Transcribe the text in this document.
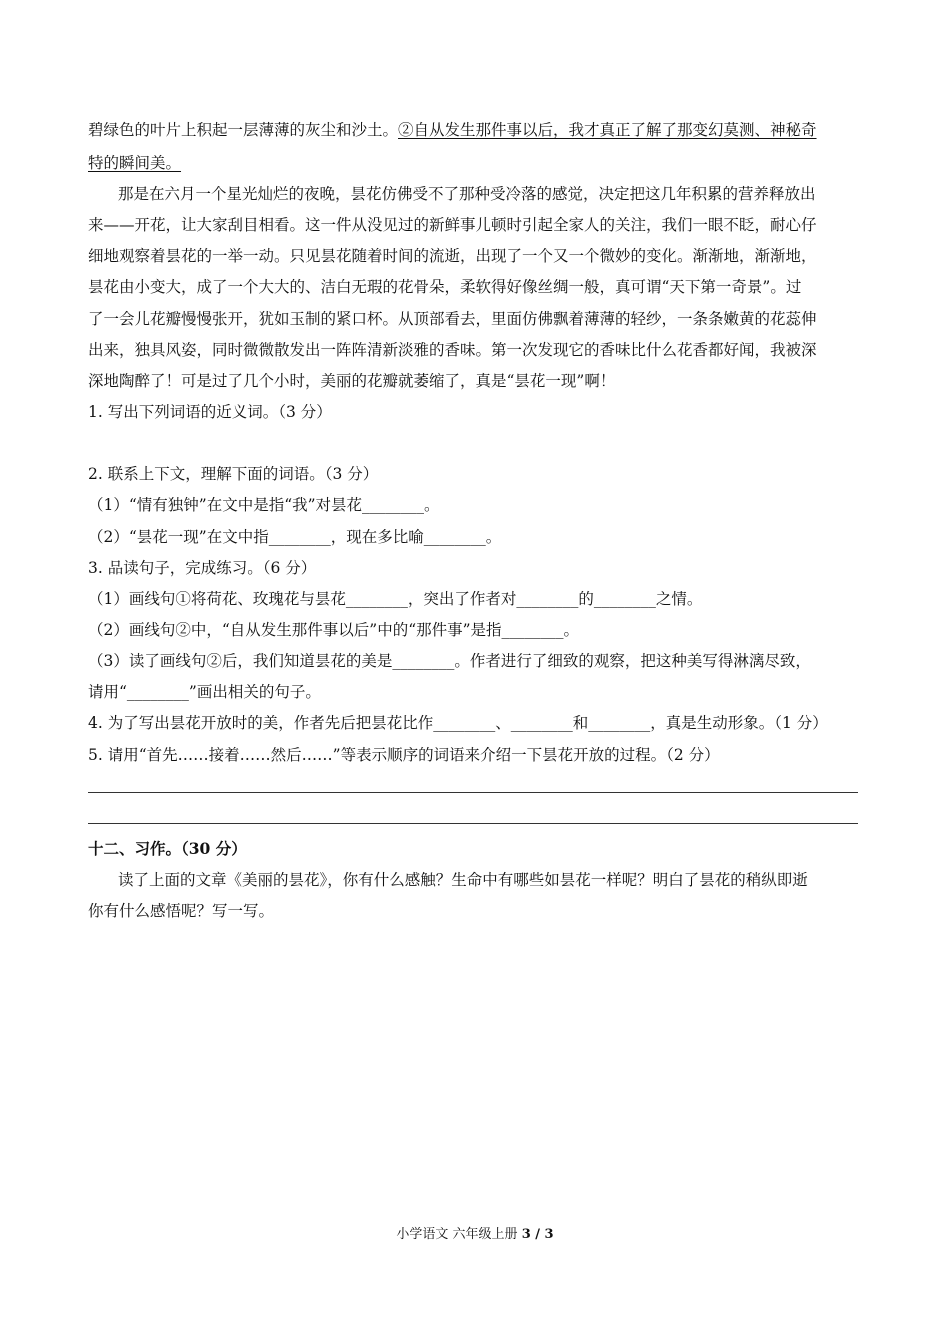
碧绿色的叶片上积起一层薄薄的灰尘和沙土。②自从发生那件事以后，我才真正了解了那变幻莫测、神秘奇
特的瞬间美。
那是在六月一个星光灿烂的夜晚，昙花仿佛受不了那种受冷落的感觉，决定把这几年积累的营养释放出
来——开花，让大家刮目相看。这一件从没见过的新鲜事儿顿时引起全家人的关注，我们一眼不眨，耐心仔
细地观察着昙花的一举一动。只见昙花随着时间的流逝，出现了一个又一个微妙的变化。渐渐地，渐渐地，
昙花由小变大，成了一个大大的、洁白无瑕的花骨朵，柔软得好像丝绸一般，真可谓“天下第一奇景”。过
了一会儿花瓣慢慢张开，犹如玉制的紧口杯。从顶部看去，里面仿佛飘着薄薄的轻纱，一条条嫩黄的花蕊伸
出来，独具风姿，同时微微散发出一阵阵清新淡雅的香味。第一次发现它的香味比什么花香都好闻，我被深
深地陶醉了！可是过了几个小时，美丽的花瓣就萎缩了，真是“昙花一现”啊！
1. 写出下列词语的近义词。（3 分）
2. 联系上下文，理解下面的词语。（3 分）
（1）“情有独钟”在文中是指“我”对昙花________。
（2）“昙花一现”在文中指________，现在多比喻________。
3. 品读句子，完成练习。（6 分）
（1）画线句①将荷花、玫瑰花与昙花________，突出了作者对________的________之情。
（2）画线句②中，“自从发生那件事以后”中的“那件事”是指________。
（3）读了画线句②后，我们知道昙花的美是________。作者进行了细致的观察，把这种美写得淋漓尽致，
请用“________”画出相关的句子。
4. 为了写出昙花开放时的美，作者先后把昙花比作________、________和________，真是生动形象。（1 分）
5. 请用“首先……接着……然后……”等表示顺序的词语来介绍一下昙花开放的过程。（2 分）
十二、习作。（30 分）
读了上面的文章《美丽的昙花》，你有什么感触？生命中有哪些如昙花一样呢？明白了昙花的稍纵即逝
你有什么感悟呢？写一写。
小学语文 六年级上册 3 / 3
